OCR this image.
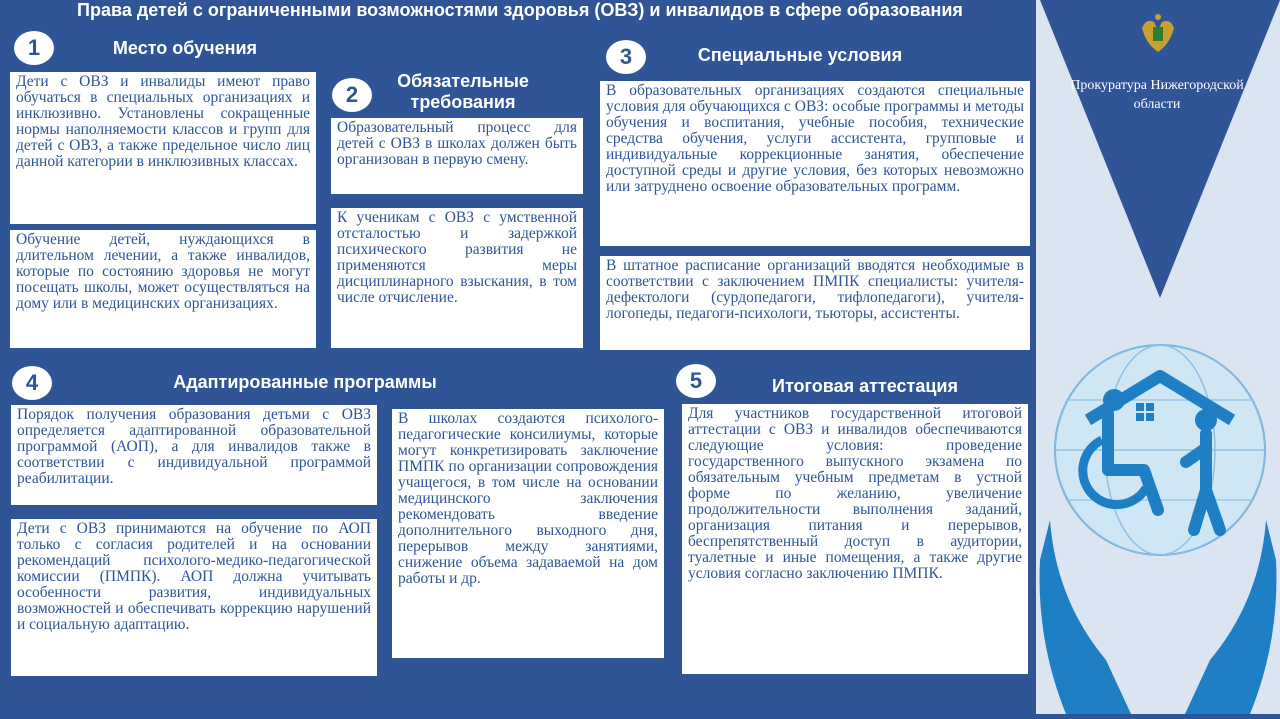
Права детей с ограниченными возможностями здоровья (ОВЗ) и инвалидов в сфере образования
1	Место обучения

Дети с ОВЗ и инвалиды имеют право обучаться в специальных организациях и инклюзивно. Установлены сокращенные нормы наполняемости классов и групп для детей с ОВЗ, а также предельное число лиц данной категории в инклюзивных классах.

Обучение детей, нуждающихся в длительном лечении, а также инвалидов, которые по состоянию здоровья не могут посещать школы, может осуществляться на дому или в медицинских организациях.

2
Обязательные требования

Образовательный процесс для детей с ОВЗ в школах должен быть организован в первую смену.

К ученикам с ОВЗ с умственной отсталостью и задержкой психического развития не применяются меры дисциплинарного взыскания, в том числе отчисление.

3	Специальные условия

В образовательных организациях создаются специальные условия для обучающихся с ОВЗ: особые программы и методы обучения и воспитания, учебные пособия, технические средства обучения, услуги ассистента, групповые и индивидуальные коррекционные занятия, обеспечение доступной среды и другие условия, без которых невозможно или затруднено освоение образовательных программ.

В штатное расписание организаций вводятся необходимые в соответствии с заключением ПМПК специалисты: учителя-дефектологи (сурдопедагоги, тифлопедагоги), учителя-логопеды, педагоги-психологи, тьюторы, ассистенты.

4	Адаптированные программы

Порядок получения образования детьми с ОВЗ определяется адаптированной образовательной программой (АОП), а для инвалидов также в соответствии с индивидуальной программой реабилитации.

Дети с ОВЗ принимаются на обучение по АОП только с согласия родителей и на основании рекомендаций психолого-медико-педагогической комиссии (ПМПК). АОП должна учитывать особенности развития, индивидуальных возможностей и обеспечивать коррекцию нарушений и социальную адаптацию.

В школах создаются психолого-педагогические консилиумы, которые могут конкретизировать заключение ПМПК по организации сопровождения учащегося, в том числе на основании медицинского заключения рекомендовать введение дополнительного выходного дня, перерывов между занятиями, снижение объема задаваемой на дом работы и др.

5	Итоговая аттестация

Для участников государственной итоговой аттестации с ОВЗ и инвалидов обеспечиваются следующие условия: проведение государственного выпускного экзамена по обязательным учебным предметам в устной форме по желанию, увеличение продолжительности выполнения заданий, организация питания и перерывов, беспрепятственный доступ в аудитории, туалетные и иные помещения, а также другие условия согласно заключению ПМПК.

Прокуратура Нижегородской области
